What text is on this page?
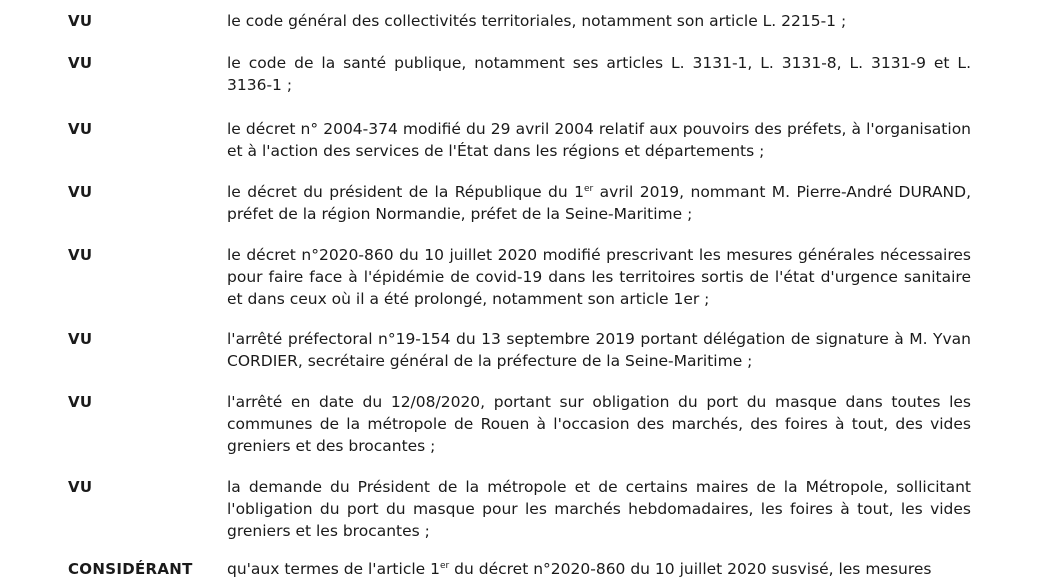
VU	le code général des collectivités territoriales, notamment son article L. 2215-1 ;
VU	le code de la santé publique, notamment ses articles L. 3131-1, L. 3131-8, L. 3131-9 et L. 3136-1 ;
VU	le décret n° 2004-374 modifié du 29 avril 2004 relatif aux pouvoirs des préfets, à l'organisation et à l'action des services de l'État dans les régions et départements ;
VU	le décret du président de la République du 1er avril 2019, nommant M. Pierre-André DURAND, préfet de la région Normandie, préfet de la Seine-Maritime ;
VU	le décret n°2020-860 du 10 juillet 2020 modifié prescrivant les mesures générales nécessaires pour faire face à l'épidémie de covid-19 dans les territoires sortis de l'état d'urgence sanitaire et dans ceux où il a été prolongé, notamment son article 1er ;
VU	l'arrêté préfectoral n°19-154 du 13 septembre 2019 portant délégation de signature à M. Yvan CORDIER, secrétaire général de la préfecture de la Seine-Maritime ;
VU	l'arrêté en date du 12/08/2020, portant sur obligation du port du masque dans toutes les communes de la métropole de Rouen à l'occasion des marchés, des foires à tout, des vides greniers et des brocantes ;
VU	la demande du Président de la métropole et de certains maires de la Métropole, sollicitant l'obligation du port du masque pour les marchés hebdomadaires, les foires à tout, les vides greniers et les brocantes ;
CONSIDÉRANT qu'aux termes de l'article 1er du décret n°2020-860 du 10 juillet 2020 susvisé, les mesures
